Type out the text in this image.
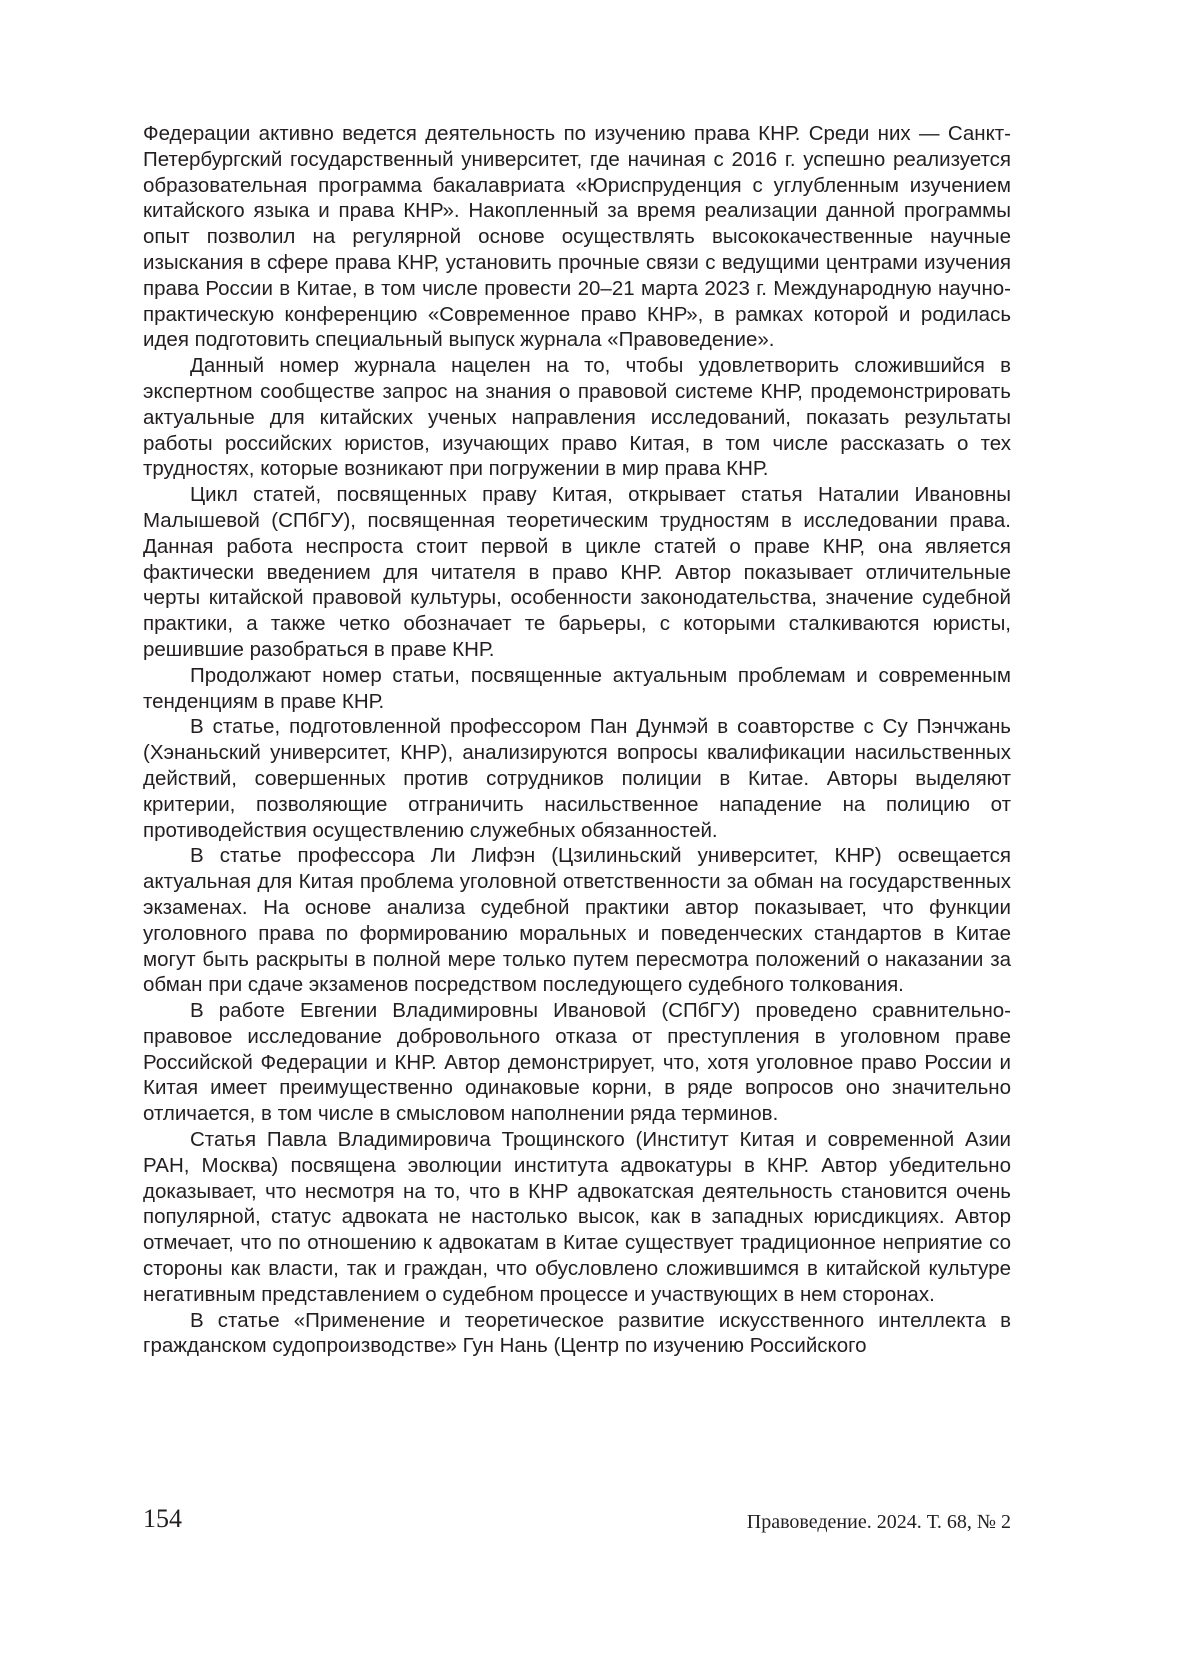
Федерации активно ведется деятельность по изучению права КНР. Среди них — Санкт-Петербургский государственный университет, где начиная с 2016 г. успешно реализуется образовательная программа бакалавриата «Юриспруденция с углубленным изучением китайского языка и права КНР». Накопленный за время реализации данной программы опыт позволил на регулярной основе осуществлять высококачественные научные изыскания в сфере права КНР, установить прочные связи с ведущими центрами изучения права России в Китае, в том числе провести 20–21 марта 2023 г. Международную научно-практическую конференцию «Современное право КНР», в рамках которой и родилась идея подготовить специальный выпуск журнала «Правоведение».

Данный номер журнала нацелен на то, чтобы удовлетворить сложившийся в экспертном сообществе запрос на знания о правовой системе КНР, продемонстрировать актуальные для китайских ученых направления исследований, показать результаты работы российских юристов, изучающих право Китая, в том числе рассказать о тех трудностях, которые возникают при погружении в мир права КНР.

Цикл статей, посвященных праву Китая, открывает статья Наталии Ивановны Малышевой (СПбГУ), посвященная теоретическим трудностям в исследовании права. Данная работа неспроста стоит первой в цикле статей о праве КНР, она является фактически введением для читателя в право КНР. Автор показывает отличительные черты китайской правовой культуры, особенности законодательства, значение судебной практики, а также четко обозначает те барьеры, с которыми сталкиваются юристы, решившие разобраться в праве КНР.

Продолжают номер статьи, посвященные актуальным проблемам и современным тенденциям в праве КНР.

В статье, подготовленной профессором Пан Дунмэй в соавторстве с Су Пэнчжань (Хэнаньский университет, КНР), анализируются вопросы квалификации насильственных действий, совершенных против сотрудников полиции в Китае. Авторы выделяют критерии, позволяющие отграничить насильственное нападение на полицию от противодействия осуществлению служебных обязанностей.

В статье профессора Ли Лифэн (Цзилиньский университет, КНР) освещается актуальная для Китая проблема уголовной ответственности за обман на государственных экзаменах. На основе анализа судебной практики автор показывает, что функции уголовного права по формированию моральных и поведенческих стандартов в Китае могут быть раскрыты в полной мере только путем пересмотра положений о наказании за обман при сдаче экзаменов посредством последующего судебного толкования.

В работе Евгении Владимировны Ивановой (СПбГУ) проведено сравнительно-правовое исследование добровольного отказа от преступления в уголовном праве Российской Федерации и КНР. Автор демонстрирует, что, хотя уголовное право России и Китая имеет преимущественно одинаковые корни, в ряде вопросов оно значительно отличается, в том числе в смысловом наполнении ряда терминов.

Статья Павла Владимировича Трощинского (Институт Китая и современной Азии РАН, Москва) посвящена эволюции института адвокатуры в КНР. Автор убедительно доказывает, что несмотря на то, что в КНР адвокатская деятельность становится очень популярной, статус адвоката не настолько высок, как в западных юрисдикциях. Автор отмечает, что по отношению к адвокатам в Китае существует традиционное неприятие со стороны как власти, так и граждан, что обусловлено сложившимся в китайской культуре негативным представлением о судебном процессе и участвующих в нем сторонах.

В статье «Применение и теоретическое развитие искусственного интеллекта в гражданском судопроизводстве» Гун Нань (Центр по изучению Российского

154	Правоведение. 2024. Т. 68, № 2
